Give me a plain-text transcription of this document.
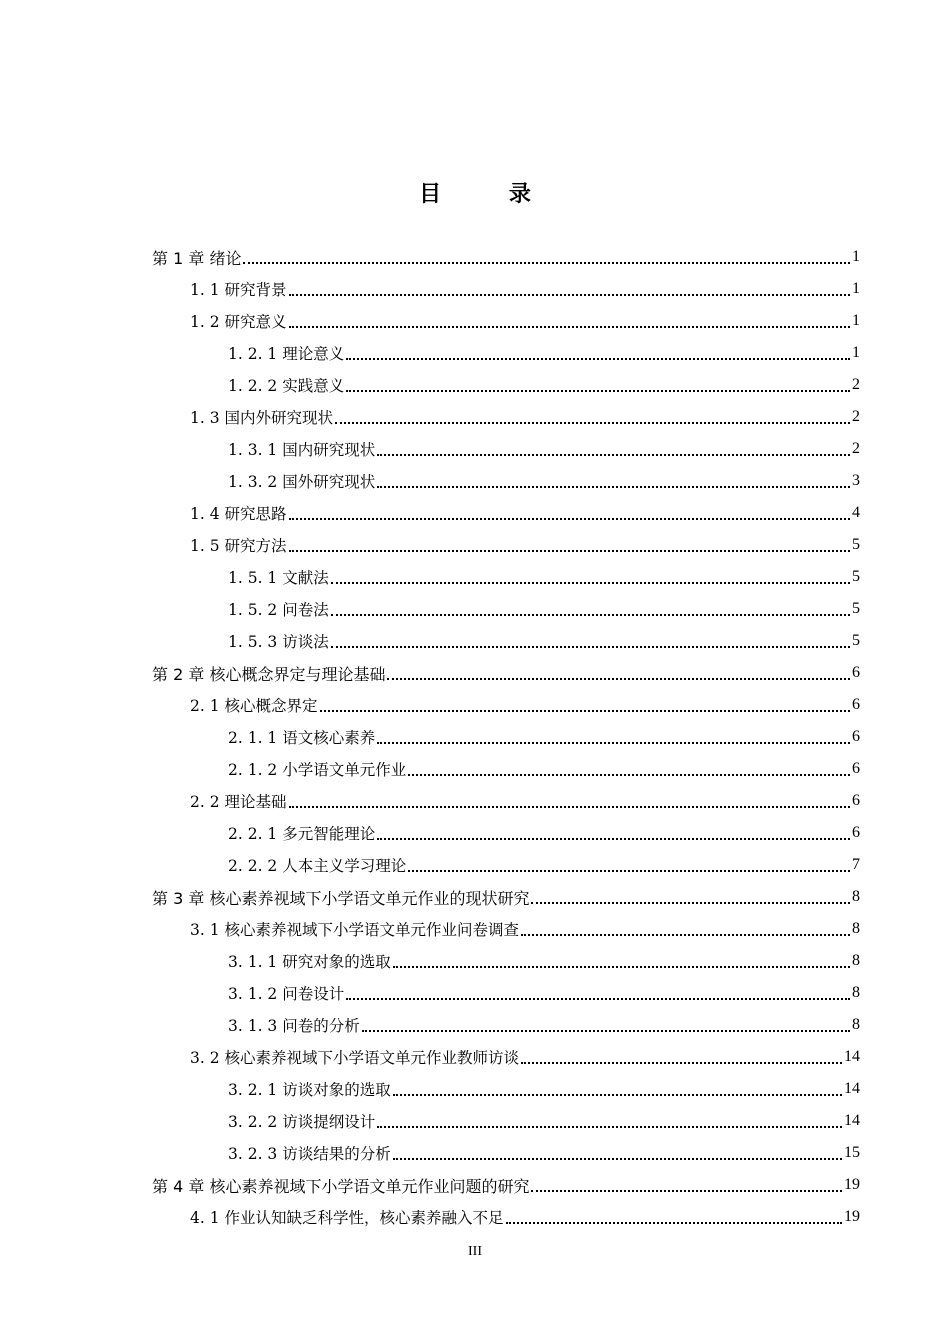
目 录
第 1 章 绪论	1
1. 1 研究背景	1
1. 2 研究意义	1
1. 2. 1 理论意义	1
1. 2. 2 实践意义	2
1. 3 国内外研究现状	2
1. 3. 1 国内研究现状	2
1. 3. 2 国外研究现状	3
1. 4 研究思路	4
1. 5 研究方法	5
1. 5. 1 文献法	5
1. 5. 2 问卷法	5
1. 5. 3 访谈法	5
第 2 章 核心概念界定与理论基础	6
2. 1 核心概念界定	6
2. 1. 1 语文核心素养	6
2. 1. 2 小学语文单元作业	6
2. 2 理论基础	6
2. 2. 1 多元智能理论	6
2. 2. 2 人本主义学习理论	7
第 3 章 核心素养视域下小学语文单元作业的现状研究	8
3. 1 核心素养视域下小学语文单元作业问卷调查	8
3. 1. 1 研究对象的选取	8
3. 1. 2 问卷设计	8
3. 1. 3 问卷的分析	8
3. 2 核心素养视域下小学语文单元作业教师访谈	14
3. 2. 1 访谈对象的选取	14
3. 2. 2 访谈提纲设计	14
3. 2. 3 访谈结果的分析	15
第 4 章 核心素养视域下小学语文单元作业问题的研究	19
4. 1 作业认知缺乏科学性，核心素养融入不足	19
III
